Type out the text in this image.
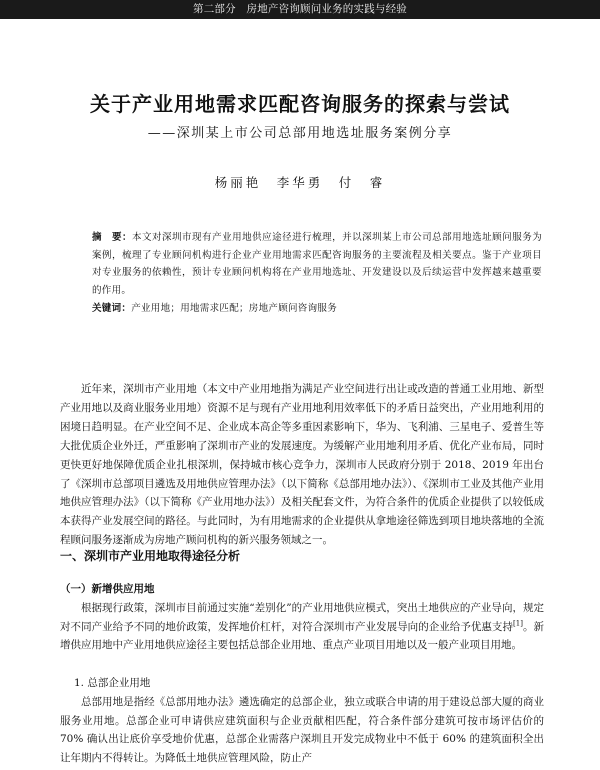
第二部分　房地产咨询顾问业务的实践与经验
关于产业用地需求匹配咨询服务的探索与尝试
——深圳某上市公司总部用地选址服务案例分享
杨丽艳　李华勇　付　睿
摘　要：本文对深圳市现有产业用地供应途径进行梳理，并以深圳某上市公司总部用地选址顾问服务为案例，梳理了专业顾问机构进行企业产业用地需求匹配咨询服务的主要流程及相关要点。鉴于产业项目对专业服务的依赖性，预计专业顾问机构将在产业用地选址、开发建设以及后续运营中发挥越来越重要的作用。
关键词：产业用地；用地需求匹配；房地产顾问咨询服务
近年来，深圳市产业用地（本文中产业用地指为满足产业空间进行出让或改造的普通工业用地、新型产业用地以及商业服务业用地）资源不足与现有产业用地利用效率低下的矛盾日益突出，产业用地利用的困境日趋明显。在产业空间不足、企业成本高企等多重因素影响下，华为、飞利浦、三星电子、爱普生等大批优质企业外迁，严重影响了深圳市产业的发展速度。为缓解产业用地利用矛盾、优化产业布局，同时更快更好地保障优质企业扎根深圳，保持城市核心竞争力，深圳市人民政府分别于 2018、2019 年出台了《深圳市总部项目遴选及用地供应管理办法》（以下简称《总部用地办法》）、《深圳市工业及其他产业用地供应管理办法》（以下简称《产业用地办法》）及相关配套文件，为符合条件的优质企业提供了以较低成本获得产业发展空间的路径。与此同时，为有用地需求的企业提供从拿地途径筛选到项目地块落地的全流程顾问服务逐渐成为房地产顾问机构的新兴服务领域之一。
一、深圳市产业用地取得途径分析
（一）新增供应用地
根据现行政策，深圳市目前通过实施“差别化”的产业用地供应模式，突出土地供应的产业导向，规定对不同产业给予不同的地价政策，发挥地价杠杆，对符合深圳市产业发展导向的企业给予优惠支持[1]。新增供应用地中产业用地供应途径主要包括总部企业用地、重点产业项目用地以及一般产业项目用地。
1. 总部企业用地
总部用地是指经《总部用地办法》遴选确定的总部企业，独立或联合申请的用于建设总部大厦的商业服务业用地。总部企业可申请供应建筑面积与企业贡献相匹配，符合条件部分建筑可按市场评估价的 70% 确认出让底价享受地价优惠，总部企业需落户深圳且开发完成物业中不低于 60% 的建筑面积全出让年期内不得转让。为降低土地供应管理风险，防止产
